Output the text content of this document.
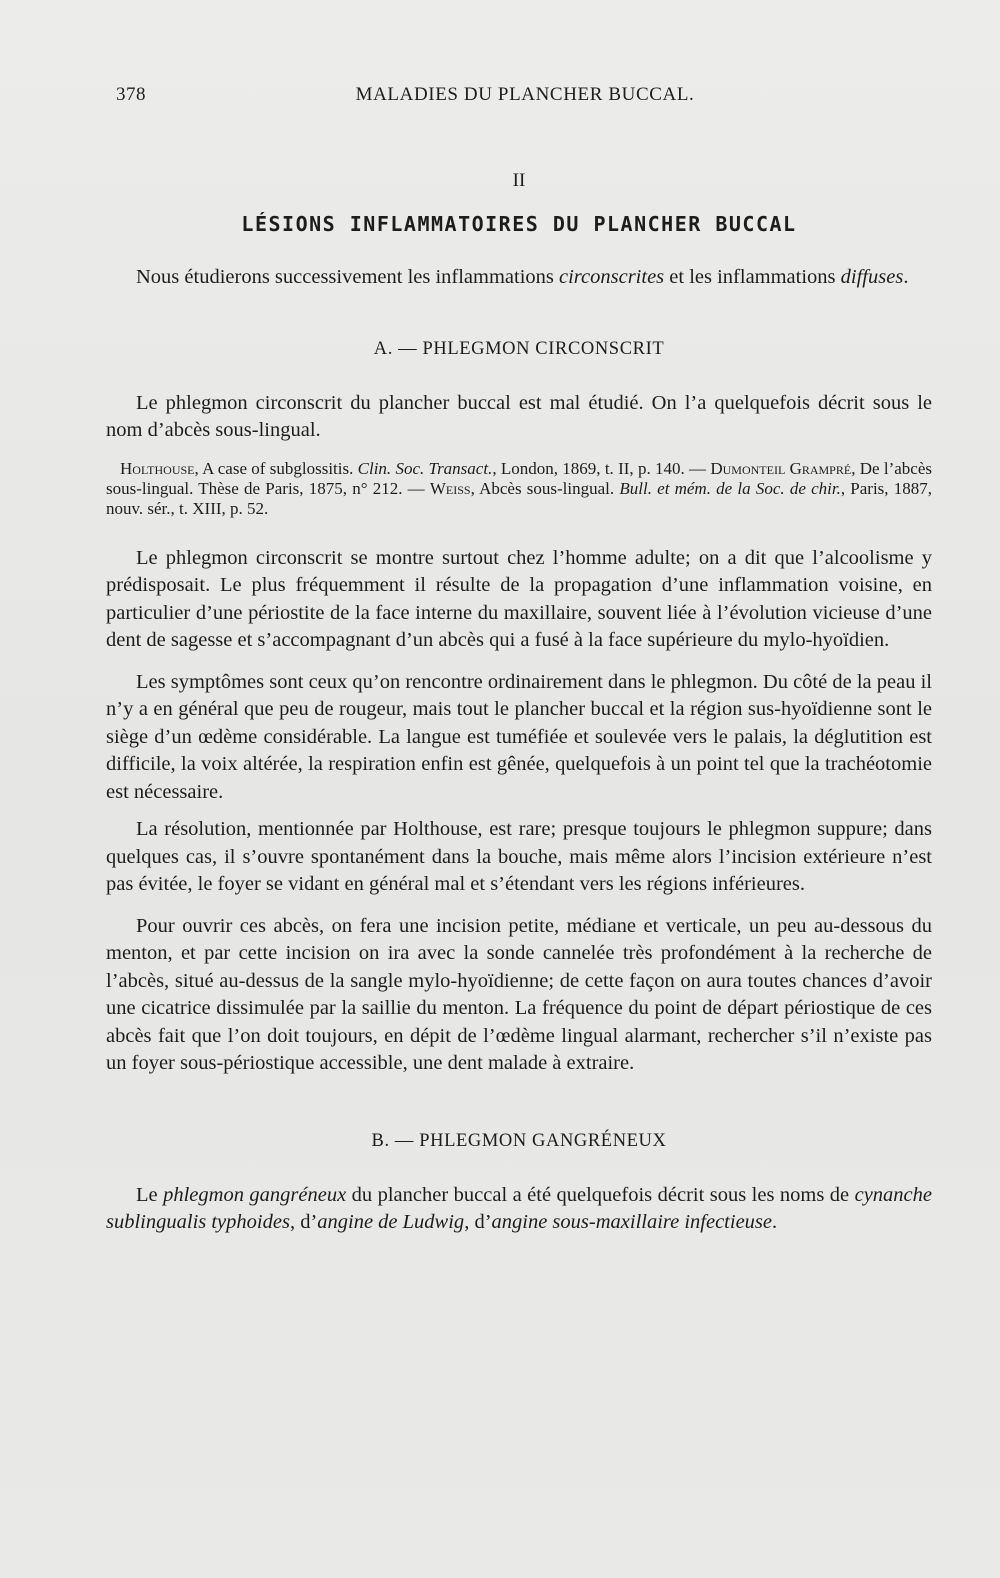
378	MALADIES DU PLANCHER BUCCAL.
II
LÉSIONS INFLAMMATOIRES DU PLANCHER BUCCAL

Nous étudierons successivement les inflammations circonscrites et les inflammations diffuses.

A. — PHLEGMON CIRCONSCRIT

Le phlegmon circonscrit du plancher buccal est mal étudié. On l’a quelquefois décrit sous le nom d’abcès sous-lingual.

Holthouse, A case of subglossitis. Clin. Soc. Transact., London, 1869, t. II, p. 140. — Dumonteil Grampré, De l’abcès sous-lingual. Thèse de Paris, 1875, n° 212. — Weiss, Abcès sous-lingual. Bull. et mém. de la Soc. de chir., Paris, 1887, nouv. sér., t. XIII, p. 52.

Le phlegmon circonscrit se montre surtout chez l’homme adulte; on a dit que l’alcoolisme y prédisposait. Le plus fréquemment il résulte de la propagation d’une inflammation voisine, en particulier d’une périostite de la face interne du maxillaire, souvent liée à l’évolution vicieuse d’une dent de sagesse et s’accompagnant d’un abcès qui a fusé à la face supérieure du mylo-hyoïdien.

Les symptômes sont ceux qu’on rencontre ordinairement dans le phlegmon. Du côté de la peau il n’y a en général que peu de rougeur, mais tout le plancher buccal et la région sus-hyoïdienne sont le siège d’un œdème considérable. La langue est tuméfiée et soulevée vers le palais, la déglutition est difficile, la voix altérée, la respiration enfin est gênée, quelquefois à un point tel que la trachéotomie est nécessaire.

La résolution, mentionnée par Holthouse, est rare; presque toujours le phlegmon suppure; dans quelques cas, il s’ouvre spontanément dans la bouche, mais même alors l’incision extérieure n’est pas évitée, le foyer se vidant en général mal et s’étendant vers les régions inférieures.

Pour ouvrir ces abcès, on fera une incision petite, médiane et verticale, un peu au-dessous du menton, et par cette incision on ira avec la sonde cannelée très profondément à la recherche de l’abcès, situé au-dessus de la sangle mylo-hyoïdienne; de cette façon on aura toutes chances d’avoir une cicatrice dissimulée par la saillie du menton. La fréquence du point de départ périostique de ces abcès fait que l’on doit toujours, en dépit de l’œdème lingual alarmant, rechercher s’il n’existe pas un foyer sous-périostique accessible, une dent malade à extraire.

B. — PHLEGMON GANGRÉNEUX

Le phlegmon gangréneux du plancher buccal a été quelquefois décrit sous les noms de cynanche sublingualis typhoides, d’angine de Ludwig, d’angine sous-maxillaire infectieuse.
